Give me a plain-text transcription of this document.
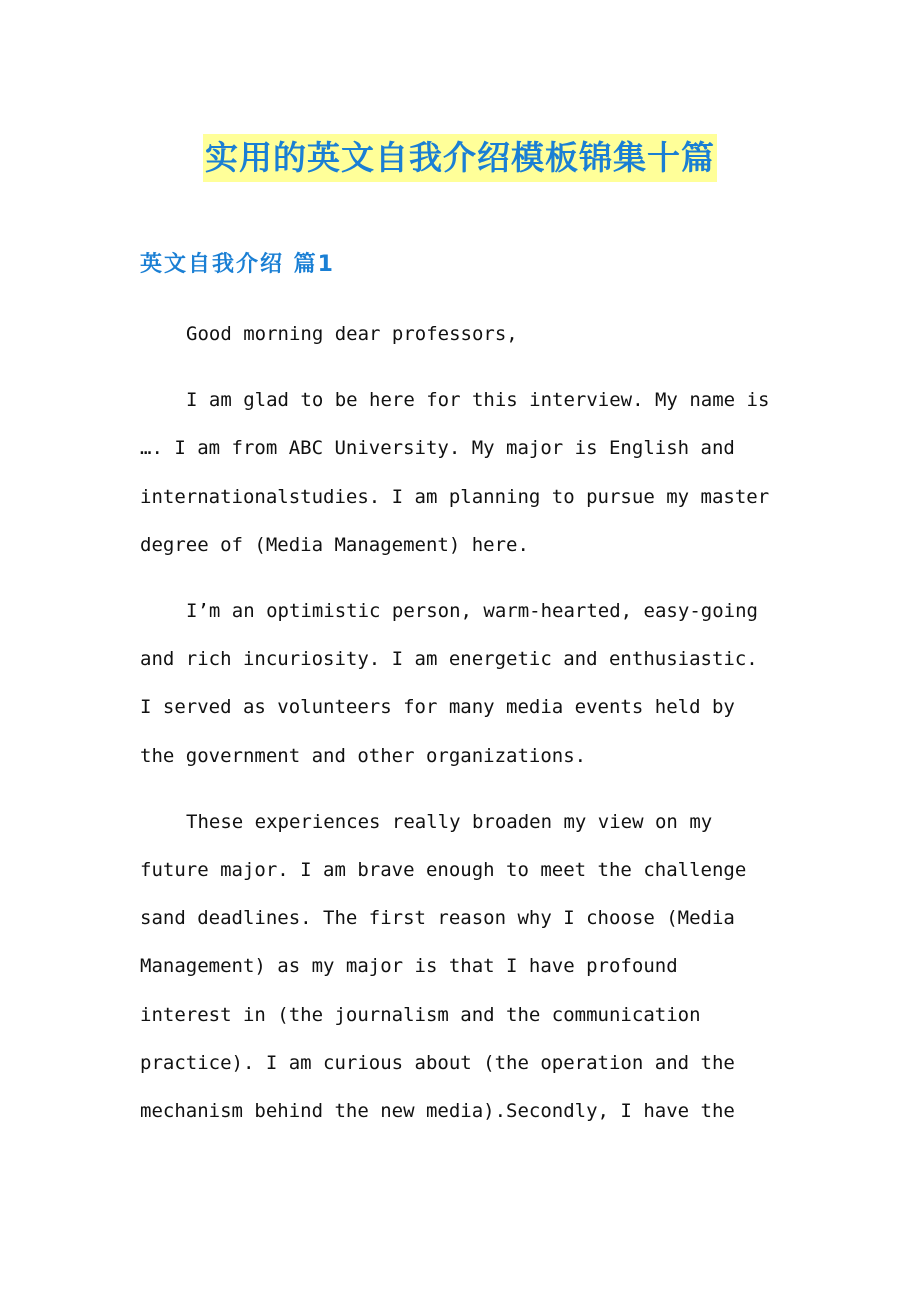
实用的英文自我介绍模板锦集十篇
英文自我介绍 篇1
Good morning dear professors,
I am glad to be here for this interview. My name is
…. I am from ABC University. My major is English and
internationalstudies. I am planning to pursue my master
degree of (Media Management) here.
I’m an optimistic person, warm-hearted, easy-going
and rich incuriosity. I am energetic and enthusiastic.
I served as volunteers for many media events held by
the government and other organizations.
These experiences really broaden my view on my
future major. I am brave enough to meet the challenge
sand deadlines. The first reason why I choose (Media
Management) as my major is that I have profound
interest in (the journalism and the communication
practice). I am curious about (the operation and the
mechanism behind the new media).Secondly, I have the
